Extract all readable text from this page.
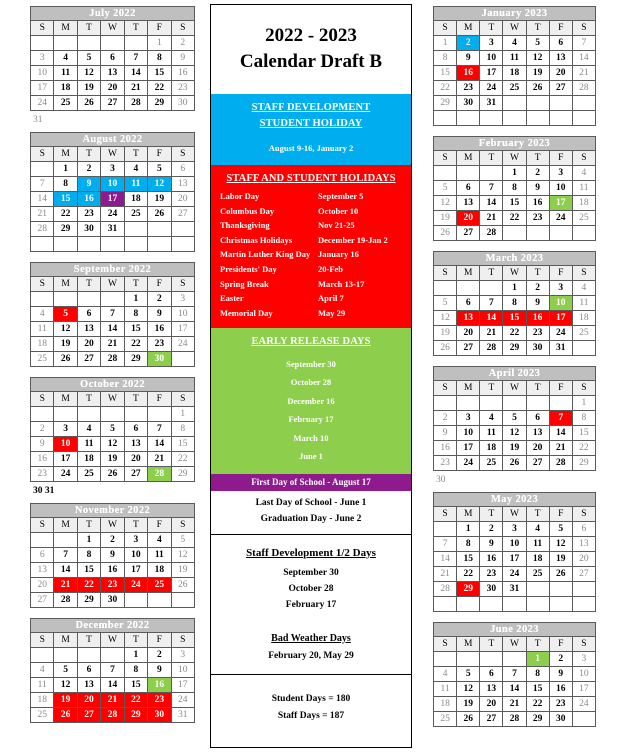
July 2022						
S	M	T	W	T	F	S
					1	2
3	4	5	6	7	8	9
10	11	12	13	14	15	16
17	18	19	20	21	22	23
24	25	26	27	28	29	30
31
August 2022						
S	M	T	W	T	F	S
	1	2	3	4	5	6
7	8	9	10	11	12	13
14	15	16	17	18	19	20
21	22	23	24	25	26	27
28	29	30	31			

September 2022						
S	M	T	W	T	F	S
				1	2	3
4	5	6	7	8	9	10
11	12	13	14	15	16	17
18	19	20	21	22	23	24
25	26	27	28	29	30	
October 2022						
S	M	T	W	T	F	S
						1
2	3	4	5	6	7	8
9	10	11	12	13	14	15
16	17	18	19	20	21	22
23	24	25	26	27	28	29
30 31
November 2022						
S	M	T	W	T	F	S
		1	2	3	4	5
6	7	8	9	10	11	12
13	14	15	16	17	18	19
20	21	22	23	24	25	26
27	28	29	30			
December 2022						
S	M	T	W	T	F	S
				1	2	3
4	5	6	7	8	9	10
11	12	13	14	15	16	17
18	19	20	21	22	23	24
25	26	27	28	29	30	31
2022 - 2023
Calendar Draft B
STAFF DEVELOPMENT
STUDENT HOLIDAY
August 9-16, January 2
STAFF AND STUDENT HOLIDAYS
Labor Day	September 5
Columbus Day	October 10
Thanksgiving	Nov 21-25
Christmas Holidays	December 19-Jan 2
Martin Luther King Day January 16
Presidents' Day	20-Feb
Spring Break	March 13-17
Easter	April 7
Memorial Day	May 29
EARLY RELEASE DAYS
September 30
October 28
December 16
February 17
March 10
June 1
First Day of School - August 17
Last Day of School - June 1
Graduation Day - June 2
Staff Development 1/2 Days
September 30
October 28
February 17
Bad Weather Days
February 20, May 29
Student Days = 180
Staff Days = 187
January 2023						
S	M	T	W	T	F	S
1	2	3	4	5	6	7
8	9	10	11	12	13	14
15	16	17	18	19	20	21
22	23	24	25	26	27	28
29	30	31				

February 2023						
S	M	T	W	T	F	S
			1	2	3	4
5	6	7	8	9	10	11
12	13	14	15	16	17	18
19	20	21	22	23	24	25
26	27	28				
March 2023						
S	M	T	W	T	F	S
			1	2	3	4
5	6	7	8	9	10	11
12	13	14	15	16	17	18
19	20	21	22	23	24	25
26	27	28	29	30	31	
April 2023						
S	M	T	W	T	F	S
						1
2	3	4	5	6	7	8
9	10	11	12	13	14	15
16	17	18	19	20	21	22
23	24	25	26	27	28	29
30
May 2023						
S	M	T	W	T	F	S
	1	2	3	4	5	6
7	8	9	10	11	12	13
14	15	16	17	18	19	20
21	22	23	24	25	26	27
28	29	30	31			

June 2023						
S	M	T	W	T	F	S
				1	2	3
4	5	6	7	8	9	10
11	12	13	14	15	16	17
18	19	20	21	22	23	24
25	26	27	28	29	30	
